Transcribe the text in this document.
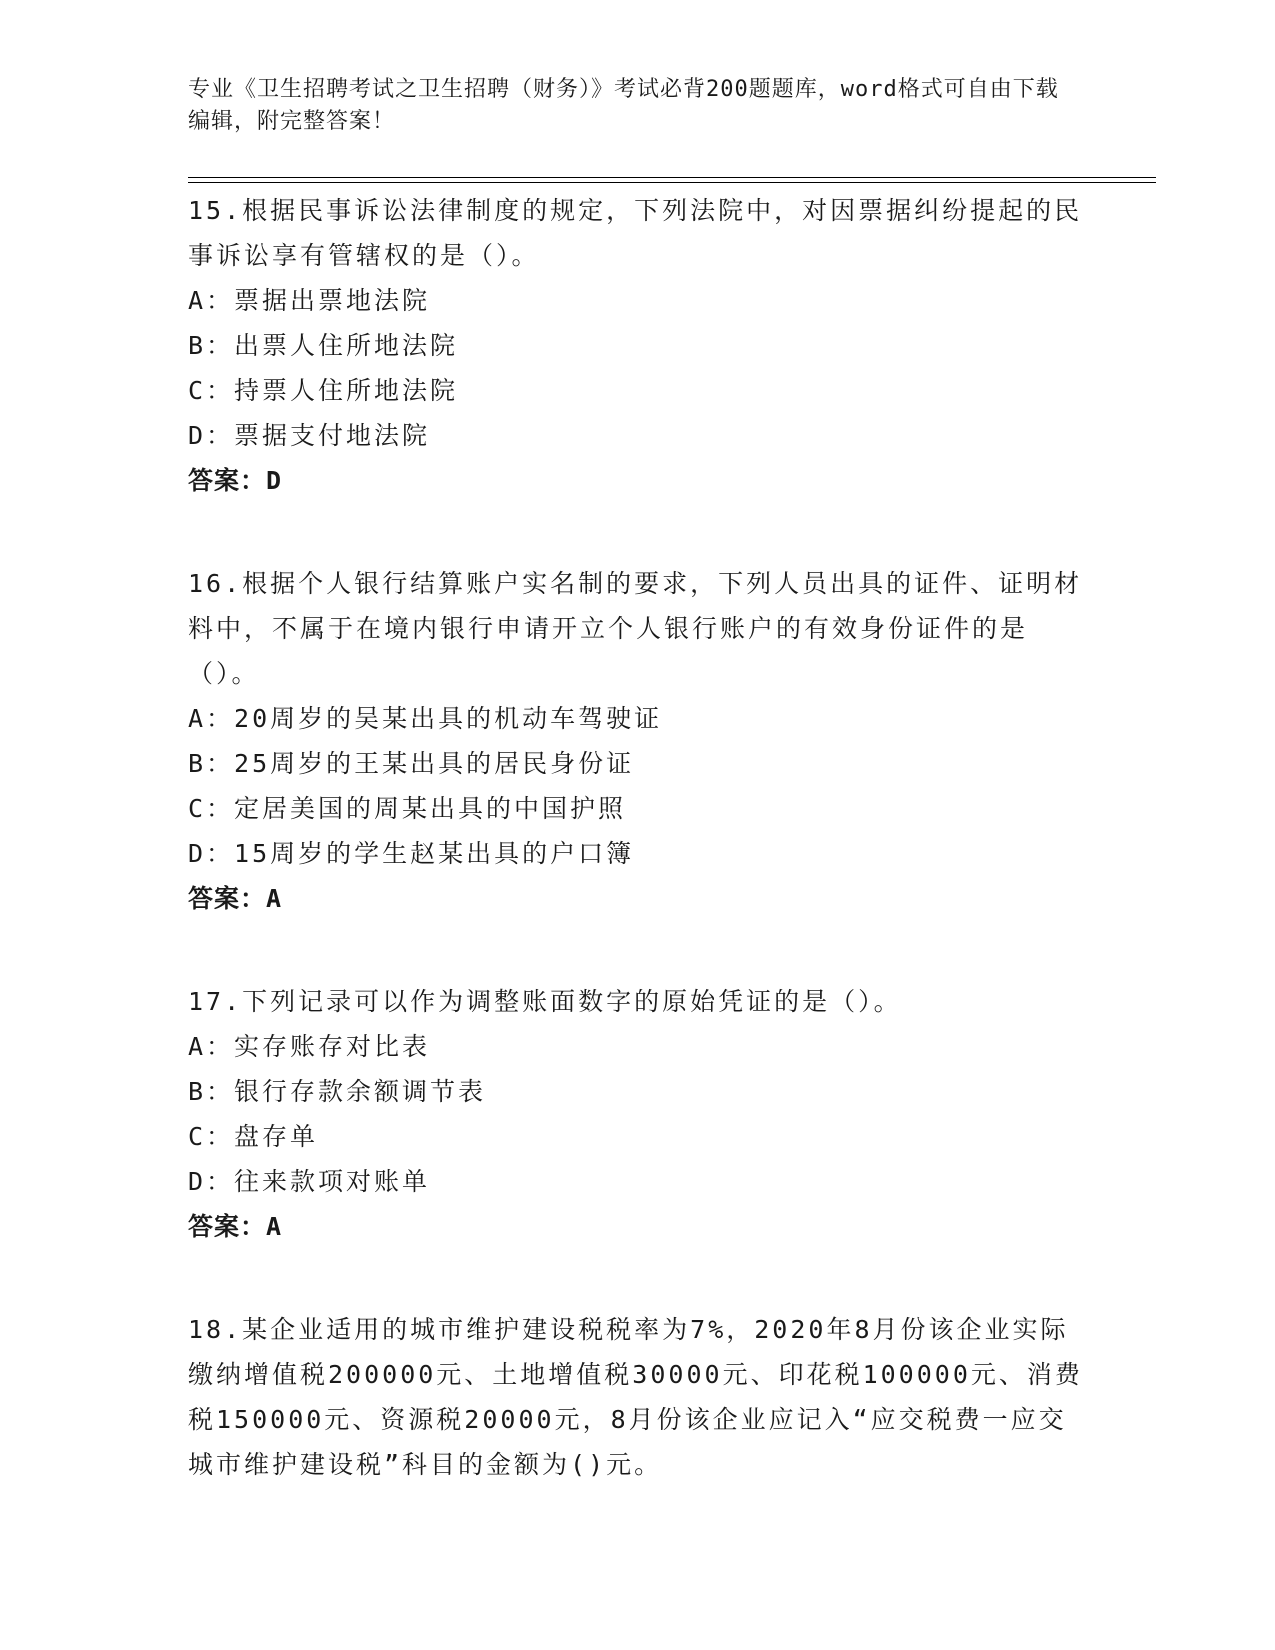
专业《卫生招聘考试之卫生招聘（财务）》考试必背200题题库，word格式可自由下载编辑，附完整答案！

15.根据民事诉讼法律制度的规定，下列法院中，对因票据纠纷提起的民事诉讼享有管辖权的是（）。

A：票据出票地法院

B：出票人住所地法院

C：持票人住所地法院

D：票据支付地法院

答案：D

16.根据个人银行结算账户实名制的要求，下列人员出具的证件、证明材料中，不属于在境内银行申请开立个人银行账户的有效身份证件的是（）。

A：20周岁的吴某出具的机动车驾驶证

B：25周岁的王某出具的居民身份证

C：定居美国的周某出具的中国护照

D：15周岁的学生赵某出具的户口簿

答案：A

17.下列记录可以作为调整账面数字的原始凭证的是（）。

A：实存账存对比表

B：银行存款余额调节表

C：盘存单

D：往来款项对账单

答案：A

18.某企业适用的城市维护建设税税率为7%，2020年8月份该企业实际缴纳增值税200000元、土地增值税30000元、印花税100000元、消费税150000元、资源税20000元，8月份该企业应记入“应交税费一应交城市维护建设税”科目的金额为()元。
